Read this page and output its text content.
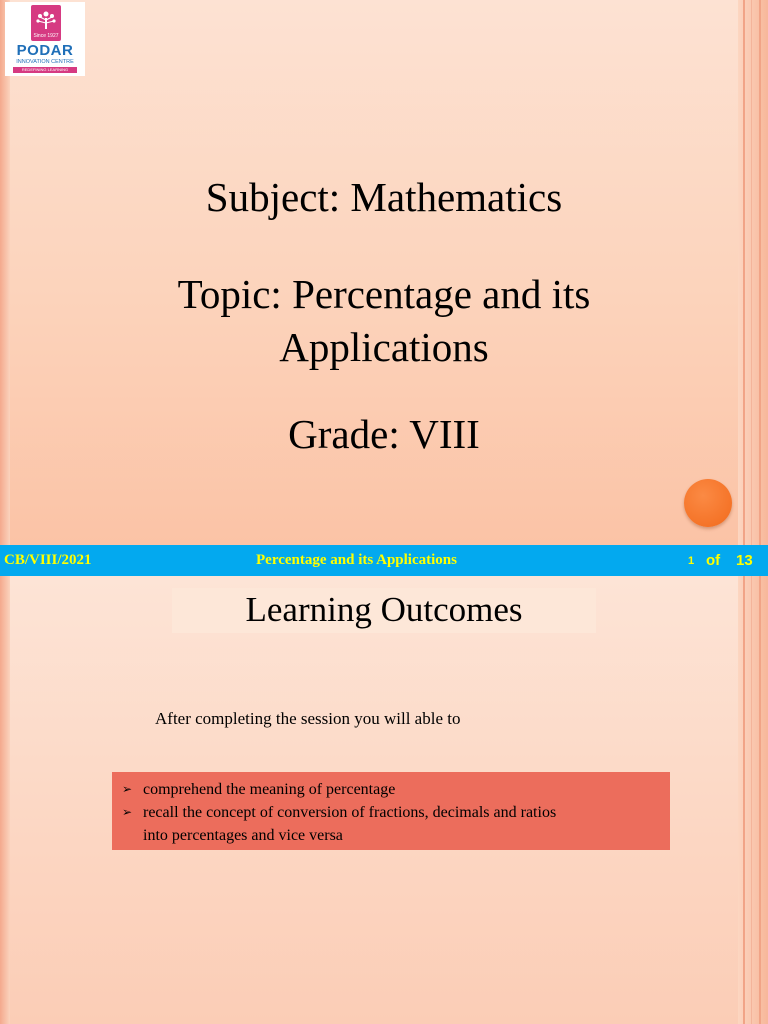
Since 1927
PODAR
INNOVATION CENTRE
REDEFINING LEARNING
Subject: Mathematics
Topic: Percentage and its
Applications
Grade: VIII
CB/VIII/2021	Percentage and its Applications	1 of 13
Learning Outcomes
After completing the session you will able to
➢ comprehend the meaning of percentage
➢ recall the concept of conversion of fractions, decimals and ratios
into percentages and vice versa
